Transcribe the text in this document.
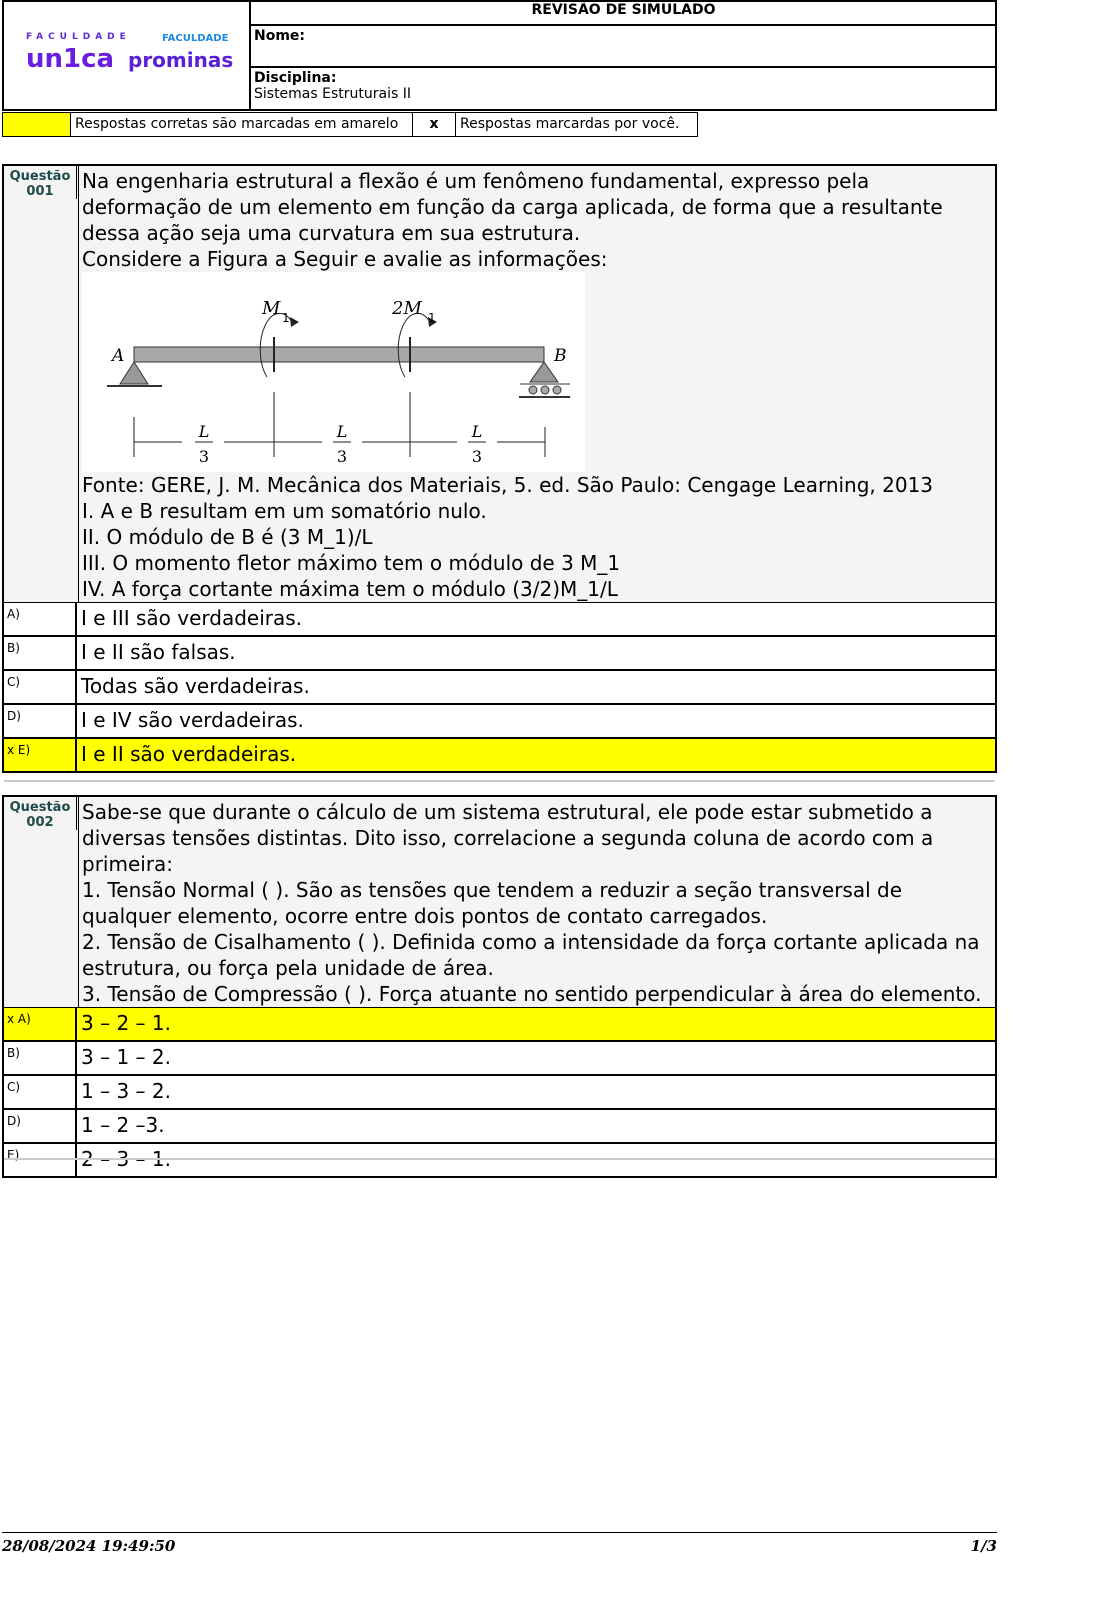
FACULDADE
un1ca
FACULDADE
prominas
REVISÃO DE SIMULADO
Nome:
Disciplina:
Sistemas Estruturais II
Respostas corretas são marcadas em amarelo	x	Respostas marcardas por você.
Questão
001	Na engenharia estrutural a flexão é um fenômeno fundamental, expresso pela deformação de um elemento em função da carga aplicada, de forma que a resultante dessa ação seja uma curvatura em sua estrutura.
Considere a Figura a Seguir e avalie as informações:
A	B
M 1	2M 1
L
3
L
3
L
3
Fonte: GERE, J. M. Mecânica dos Materiais, 5. ed. São Paulo: Cengage Learning, 2013
I. A e B resultam em um somatório nulo.
II. O módulo de B é (3 M_1)∕L
III. O momento fletor máximo tem o módulo de 3 M_1
IV. A força cortante máxima tem o módulo (3∕2)M_1∕L
A)	I e III são verdadeiras.
B)	I e II são falsas.
C)	Todas são verdadeiras.
D)	I e IV são verdadeiras.
x E)	I e II são verdadeiras.
Questão
002	Sabe-se que durante o cálculo de um sistema estrutural, ele pode estar submetido a diversas tensões distintas. Dito isso, correlacione a segunda coluna de acordo com a primeira:
1. Tensão Normal ( ). São as tensões que tendem a reduzir a seção transversal de qualquer elemento, ocorre entre dois pontos de contato carregados.
2. Tensão de Cisalhamento ( ). Definida como a intensidade da força cortante aplicada na estrutura, ou força pela unidade de área.
3. Tensão de Compressão ( ). Força atuante no sentido perpendicular à área do elemento.
x A)	3 – 2 – 1.
B)	3 – 1 – 2.
C)	1 – 3 – 2.
D)	1 – 2 –3.
E)	2 – 3 – 1.
28/08/2024 19:49:50	1/3
